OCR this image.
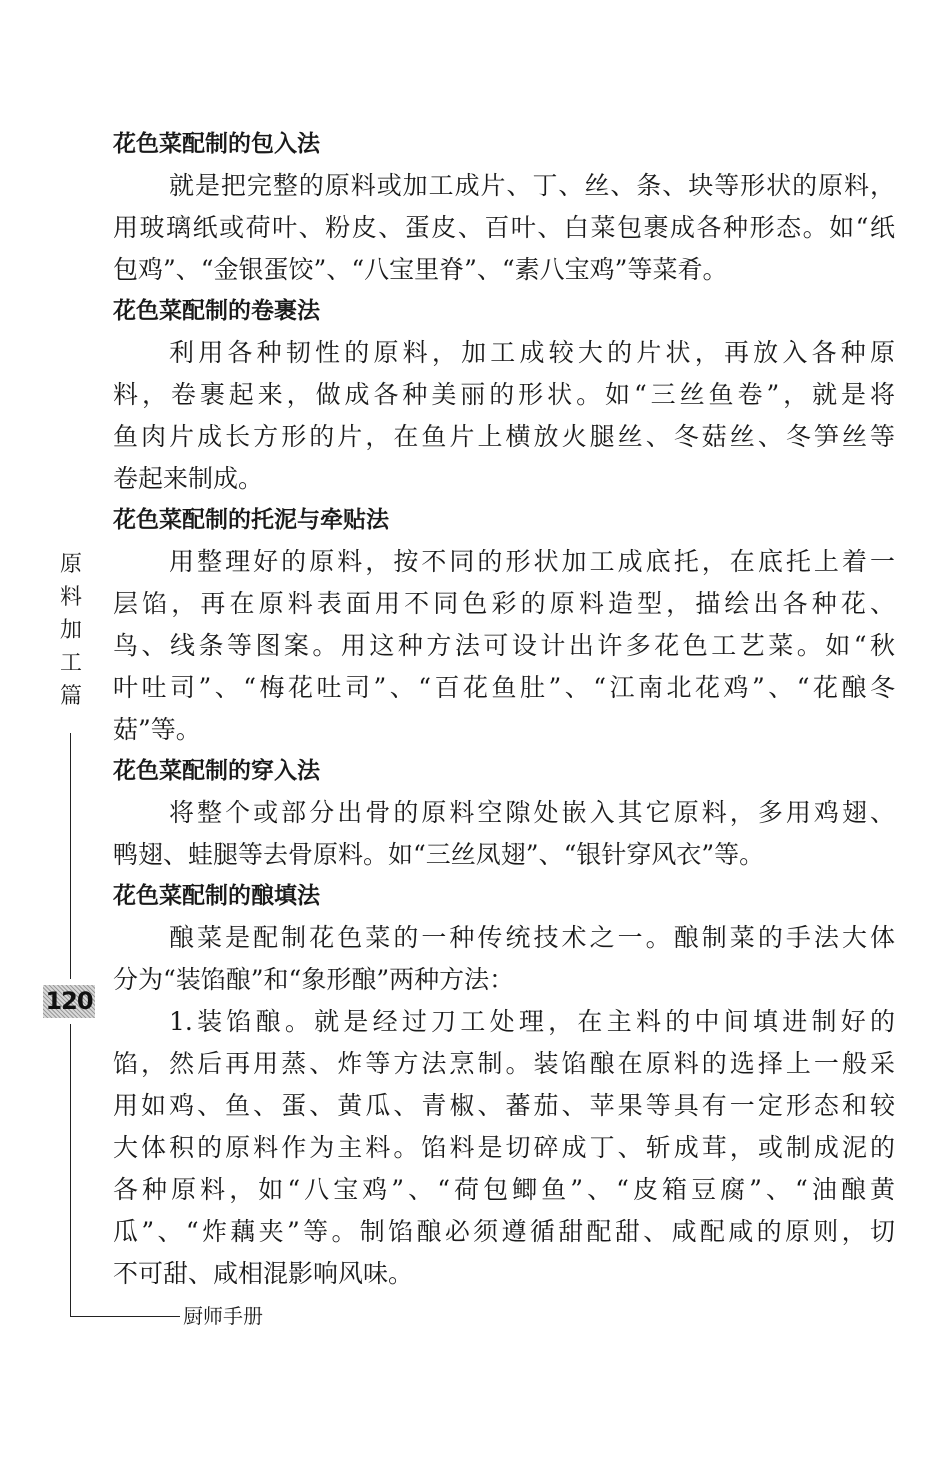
花色菜配制的包入法

就是把完整的原料或加工成片、丁、丝、条、块等形状的原料，

用玻璃纸或荷叶、粉皮、蛋皮、百叶、白菜包裹成各种形态。如“纸

包鸡”、“金银蛋饺”、“八宝里脊”、“素八宝鸡”等菜肴。

花色菜配制的卷裹法

利用各种韧性的原料，加工成较大的片状，再放入各种原

料，卷裹起来，做成各种美丽的形状。如“三丝鱼卷”，就是将

鱼肉片成长方形的片，在鱼片上横放火腿丝、冬菇丝、冬笋丝等

卷起来制成。

花色菜配制的托泥与牵贴法

用整理好的原料，按不同的形状加工成底托，在底托上着一

层馅，再在原料表面用不同色彩的原料造型，描绘出各种花、

鸟、线条等图案。用这种方法可设计出许多花色工艺菜。如“秋

叶吐司”、“梅花吐司”、“百花鱼肚”、“江南北花鸡”、“花酿冬

菇”等。

花色菜配制的穿入法

将整个或部分出骨的原料空隙处嵌入其它原料，多用鸡翅、

鸭翅、蛙腿等去骨原料。如“三丝凤翅”、“银针穿风衣”等。

花色菜配制的酿填法

酿菜是配制花色菜的一种传统技术之一。酿制菜的手法大体

分为“装馅酿”和“象形酿”两种方法：

1.装馅酿。就是经过刀工处理，在主料的中间填进制好的

馅，然后再用蒸、炸等方法烹制。装馅酿在原料的选择上一般采

用如鸡、鱼、蛋、黄瓜、青椒、蕃茄、苹果等具有一定形态和较

大体积的原料作为主料。馅料是切碎成丁、斩成茸，或制成泥的

各种原料，如“八宝鸡”、“荷包鲫鱼”、“皮箱豆腐”、“油酿黄

瓜”、“炸藕夹”等。制馅酿必须遵循甜配甜、咸配咸的原则，切

不可甜、咸相混影响风味。

原
料
加
工
篇
120
厨师手册
